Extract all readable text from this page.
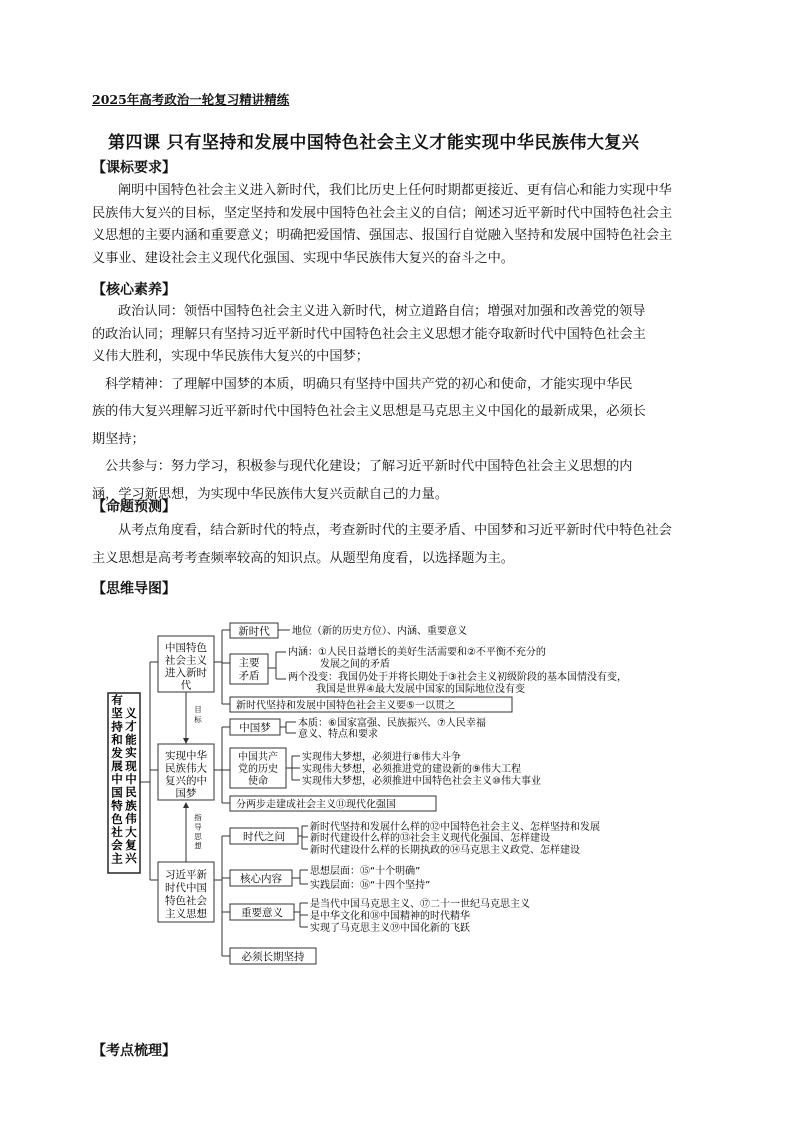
2025年高考政治一轮复习精讲精练
第四课 只有坚持和发展中国特色社会主义才能实现中华民族伟大复兴
【课标要求】

阐明中国特色社会主义进入新时代，我们比历史上任何时期都更接近、更有信心和能力实现中华

民族伟大复兴的目标，坚定坚持和发展中国特色社会主义的自信；阐述习近平新时代中国特色社会主

义思想的主要内涵和重要意义；明确把爱国情、强国志、报国行自觉融入坚持和发展中国特色社会主

义事业、建设社会主义现代化强国、实现中华民族伟大复兴的奋斗之中。

【核心素养】

政治认同：领悟中国特色社会主义进入新时代，树立道路自信；增强对加强和改善党的领导

的政治认同；理解只有坚持习近平新时代中国特色社会主义思想才能夺取新时代中国特色社会主

义伟大胜利，实现中华民族伟大复兴的中国梦；

科学精神：了理解中国梦的本质，明确只有坚持中国共产党的初心和使命，才能实现中华民

族的伟大复兴理解习近平新时代中国特色社会主义思想是马克思主义中国化的最新成果，必须长

期坚持；

公共参与：努力学习，积极参与现代化建设；了解习近平新时代中国特色社会主义思想的内

涵，学习新思想，为实现中华民族伟大复兴贡献自己的力量。

【命题预测】

从考点角度看，结合新时代的特点，考查新时代的主要矛盾、中国梦和习近平新时代中特色社会

主义思想是高考考查频率较高的知识点。从题型角度看，以选择题为主。

【思维导图】
有
坚
持
和
发
展
中
国
特
色
社
会
主
义
才
能
实
现
中
民
族
伟
大
复
兴
中国特色
社会主义
进入新时
代
实现中华
民族伟大
复兴的中
国梦
习近平新
时代中国
特色社会
主义思想
目
标
指
导
思
想
新时代 地位（新的历史方位）、内涵、重要意义
主要
矛盾
内涵：①人民日益增长的美好生活需要和②不平衡不充分的
发展之间的矛盾
两个没变：我国仍处于并将长期处于③社会主义初级阶段的基本国情没有变，
我国是世界④最大发展中国家的国际地位没有变
新时代坚持和发展中国特色社会主义要⑤一以贯之
中国梦	本质：⑥国家富强、民族振兴、⑦人民幸福
意义、特点和要求
中国共产
党的历史
使命
实现伟大梦想，必须进行⑧伟大斗争
实现伟大梦想，必须推进党的建设新的⑨伟大工程
实现伟大梦想，必须推进中国特色社会主义⑩伟大事业
分两步走建成社会主义⑪现代化强国
时代之问
新时代坚持和发展什么样的⑫中国特色社会主义、怎样坚持和发展
新时代建设什么样的⑬社会主义现代化强国、怎样建设
新时代建设什么样的长期执政的⑭马克思主义政党、怎样建设
核心内容
思想层面：⑮“十个明确”
实践层面：⑯“十四个坚持”
重要意义
是当代中国马克思主义、⑰二十一世纪马克思主义
是中华文化和⑱中国精神的时代精华
实现了马克思主义⑲中国化新的飞跃
必须长期坚持
【考点梳理】
